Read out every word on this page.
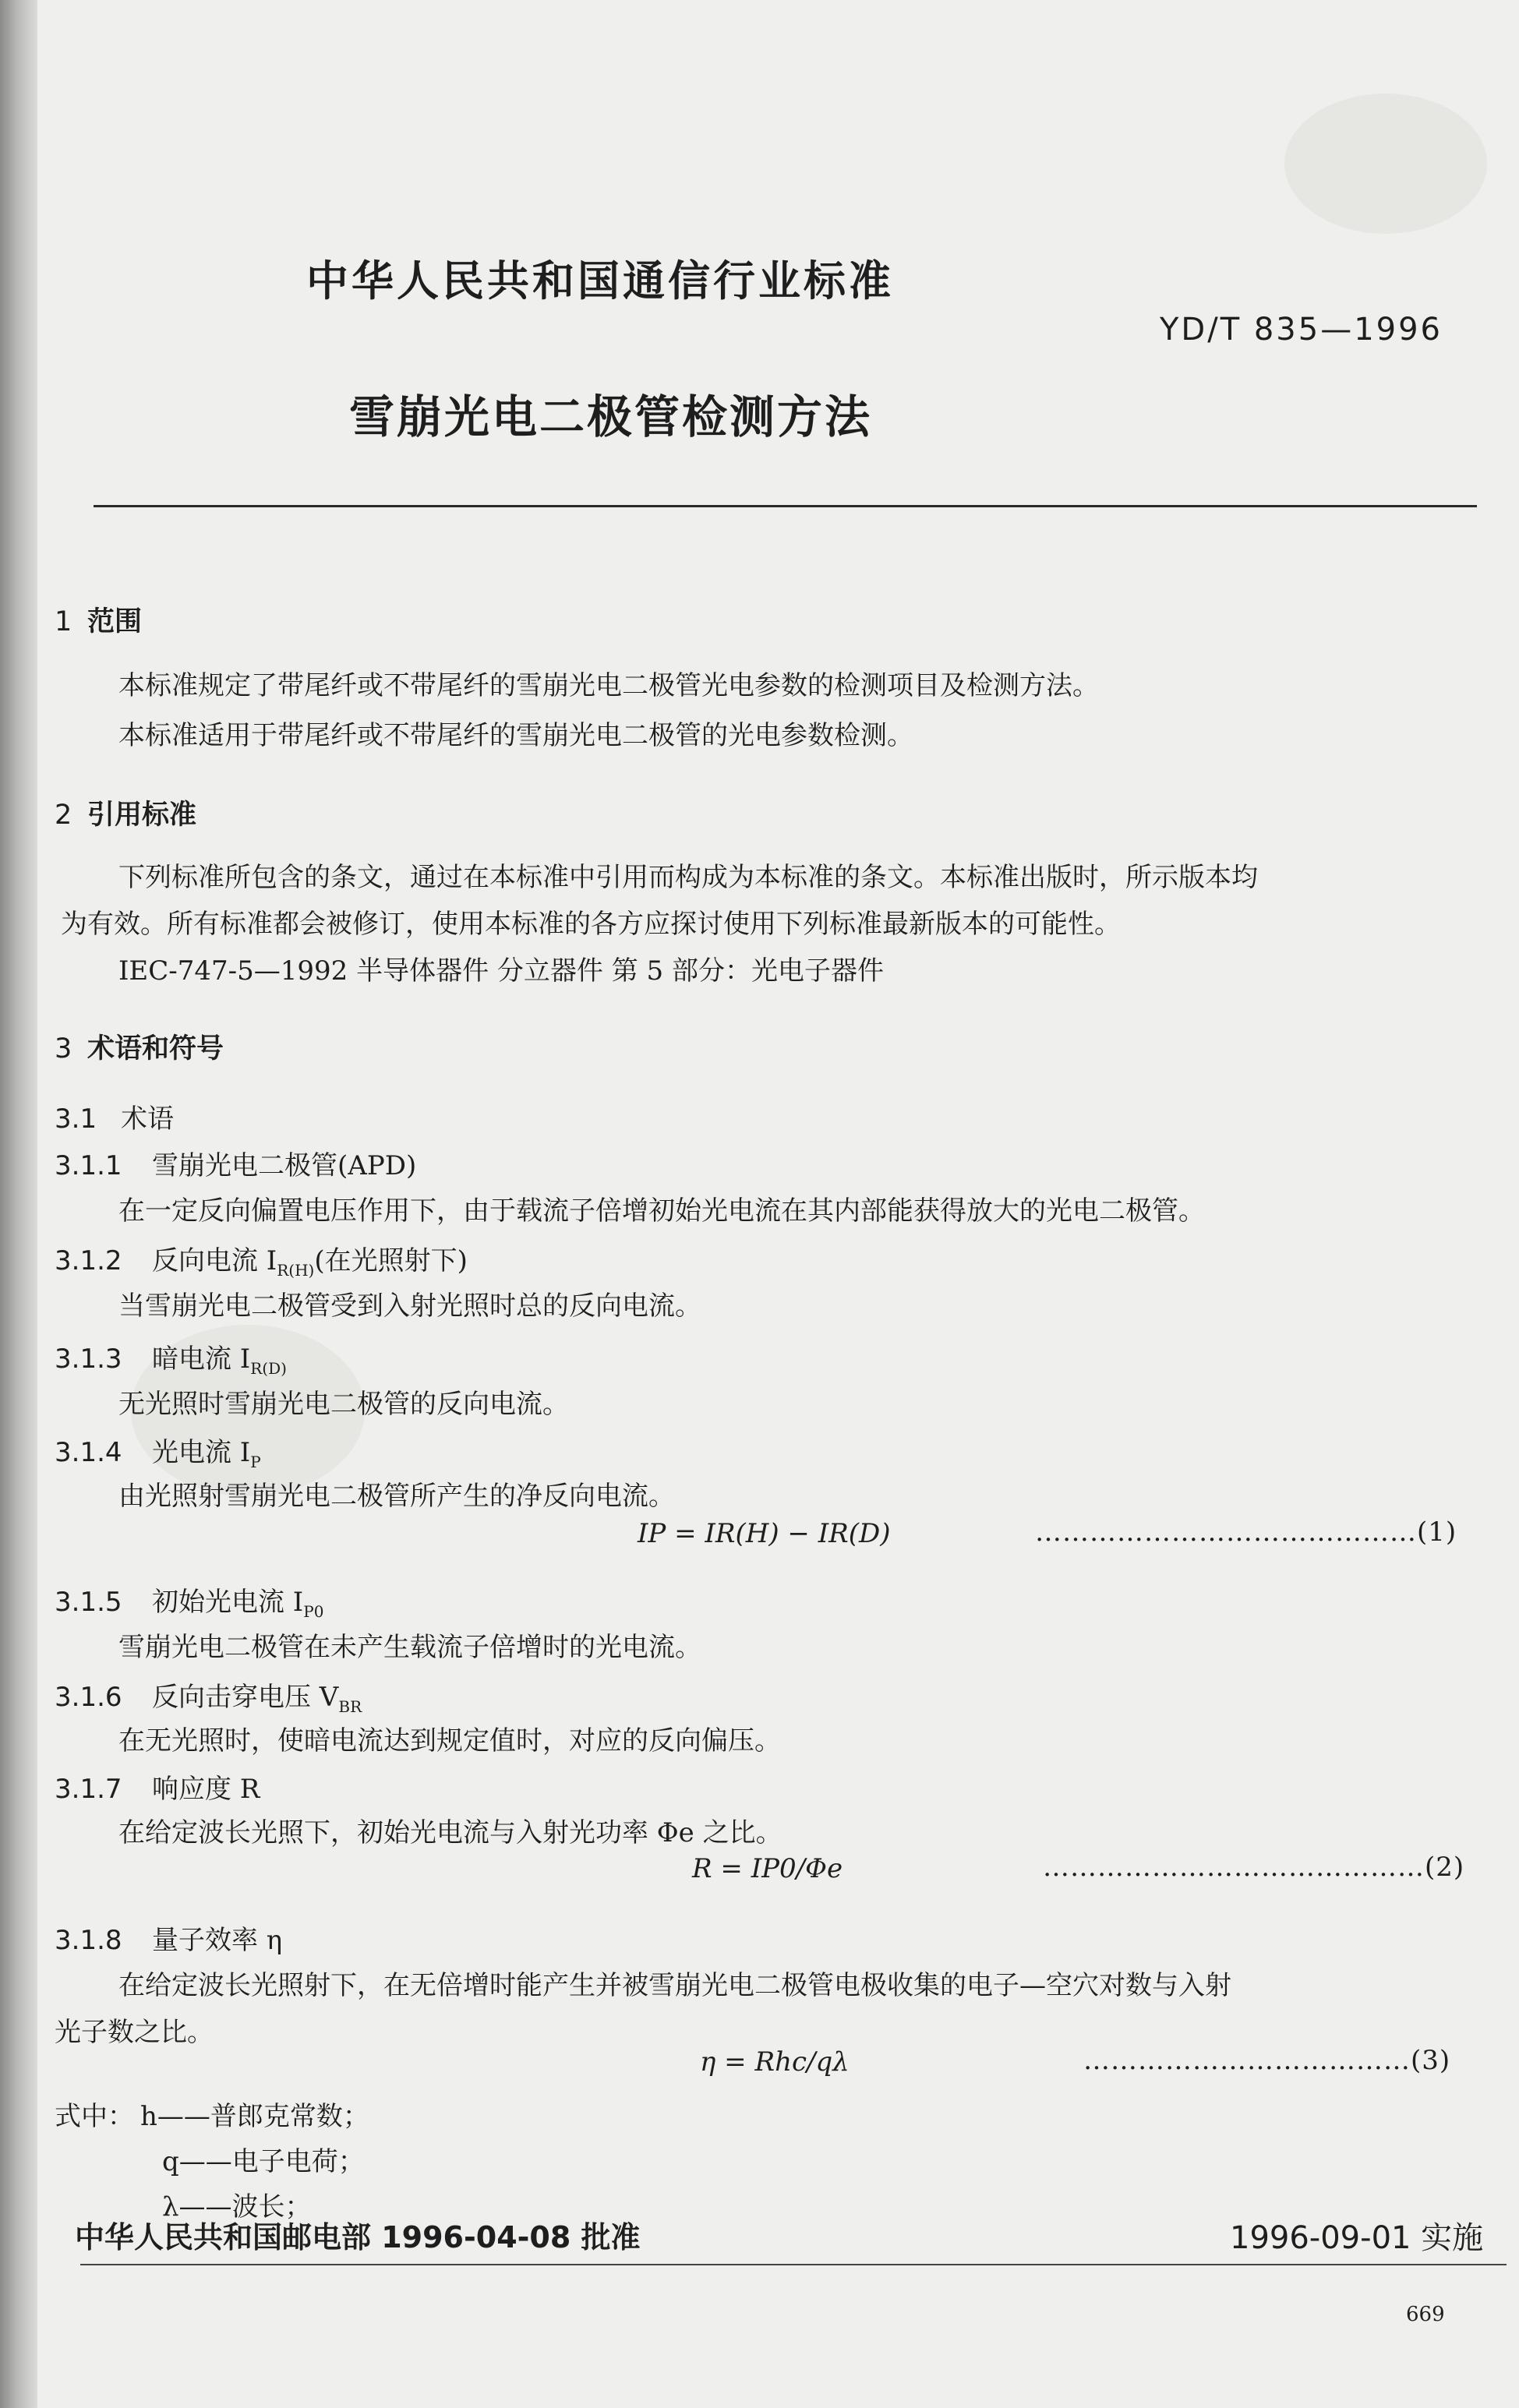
中华人民共和国通信行业标准
YD/T 835—1996
雪崩光电二极管检测方法
1 范围
本标准规定了带尾纤或不带尾纤的雪崩光电二极管光电参数的检测项目及检测方法。
本标准适用于带尾纤或不带尾纤的雪崩光电二极管的光电参数检测。
2 引用标准
下列标准所包含的条文，通过在本标准中引用而构成为本标准的条文。本标准出版时，所示版本均
为有效。所有标准都会被修订，使用本标准的各方应探讨使用下列标准最新版本的可能性。
IEC-747-5—1992 半导体器件 分立器件 第 5 部分：光电子器件
3 术语和符号
3.1 术语
3.1.1 雪崩光电二极管(APD)
在一定反向偏置电压作用下，由于载流子倍增初始光电流在其内部能获得放大的光电二极管。
3.1.2 反向电流 $I_{R(H)}$(在光照射下)
当雪崩光电二极管受到入射光照时总的反向电流。
3.1.3 暗电流 $I_{R(D)}$
无光照时雪崩光电二极管的反向电流。
3.1.4 光电流 $I_P$
由光照射雪崩光电二极管所产生的净反向电流。
IP = IR(H) − IR(D)	……………………………………(1)
3.1.5 初始光电流 $I_{P0}$
雪崩光电二极管在未产生载流子倍增时的光电流。
3.1.6 反向击穿电压 $V_{BR}$
在无光照时，使暗电流达到规定值时，对应的反向偏压。
3.1.7 响应度 R
在给定波长光照下，初始光电流与入射光功率 Φe 之比。
R = IP0/Φe	……………………………………(2)
3.1.8 量子效率 η
在给定波长光照射下，在无倍增时能产生并被雪崩光电二极管电极收集的电子—空穴对数与入射
光子数之比。
η = Rhc/qλ	………………………………(3)
式中： h——普郎克常数；
q——电子电荷；
λ——波长；
中华人民共和国邮电部 1996-04-08 批准	1996-09-01 实施
669
